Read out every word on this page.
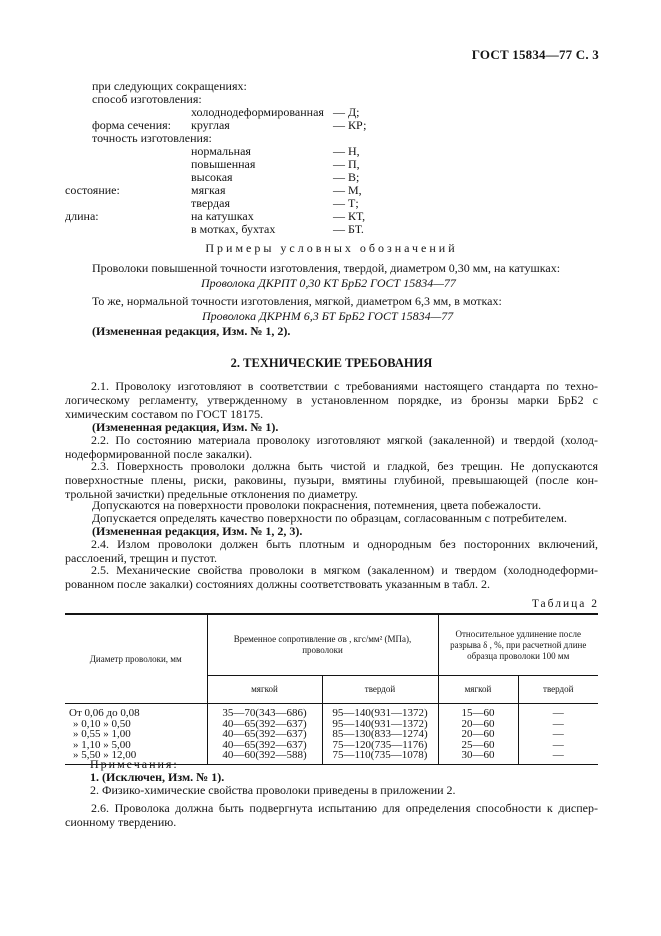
ГОСТ 15834—77 С. 3
при следующих сокращениях:
способ изготовления:
холоднодеформированная — Д;
форма сечения: круглая	— КР;
точность изготовления:
нормальная	— Н,
повышенная	— П,
высокая	— В;
состояние:	мягкая	— М,
твердая	— Т;
длина:	на катушках	— КТ,
в мотках, бухтах	— БТ.
Примеры условных обозначений
Проволоки повышенной точности изготовления, твердой, диаметром 0,30 мм, на катушках:
Проволока ДКРПТ 0,30 КТ БрБ2 ГОСТ 15834—77
То же, нормальной точности изготовления, мягкой, диаметром 6,3 мм, в мотках:
Проволока ДКРНМ 6,3 БТ БрБ2 ГОСТ 15834—77
(Измененная редакция, Изм. № 1, 2).
2. ТЕХНИЧЕСКИЕ ТРЕБОВАНИЯ
2.1. Проволоку изготовляют в соответствии с требованиями настоящего стандарта по техно-
логическому регламенту, утвержденному в установленном порядке, из бронзы марки БрБ2 с
химическим составом по ГОСТ 18175.
(Измененная редакция, Изм. № 1).
2.2. По состоянию материала проволоку изготовляют мягкой (закаленной) и твердой (холод-
нодеформированной после закалки).
2.3. Поверхность проволоки должна быть чистой и гладкой, без трещин. Не допускаются
поверхностные плены, риски, раковины, пузыри, вмятины глубиной, превышающей (после кон-
трольной зачистки) предельные отклонения по диаметру.
Допускаются на поверхности проволоки покраснения, потемнения, цвета побежалости.
Допускается определять качество поверхности по образцам, согласованным с потребителем.
(Измененная редакция, Изм. № 1, 2, 3).
2.4. Излом проволоки должен быть плотным и однородным без посторонних включений,
расслоений, трещин и пустот.
2.5. Механические свойства проволоки в мягком (закаленном) и твердом (холоднодеформи-
рованном после закалки) состояниях должны соответствовать указанным в табл. 2.
Таблица 2
Диаметр проволоки, мм	Временное сопротивление σв , кгс/мм² (МПа), проволоки		Относительное удлинение после разрыва δ , %, при расчетной длине образца проволоки 100 мм	
	мягкой	твердой	мягкой	твердой
От 0,06 до 0,08	35—70(343—686)	95—140(931—1372)	15—60	—
» 0,10 » 0,50	40—65(392—637)	95—140(931—1372)	20—60	—
» 0,55 » 1,00	40—65(392—637)	85—130(833—1274)	20—60	—
» 1,10 » 5,00	40—65(392—637)	75—120(735—1176)	25—60	—
» 5,50 » 12,00	40—60(392—588)	75—110(735—1078)	30—60	—
Примечания:
1. (Исключен, Изм. № 1).
2. Физико-химические свойства проволоки приведены в приложении 2.
2.6. Проволока должна быть подвергнута испытанию для определения способности к диспер-
сионному твердению.
